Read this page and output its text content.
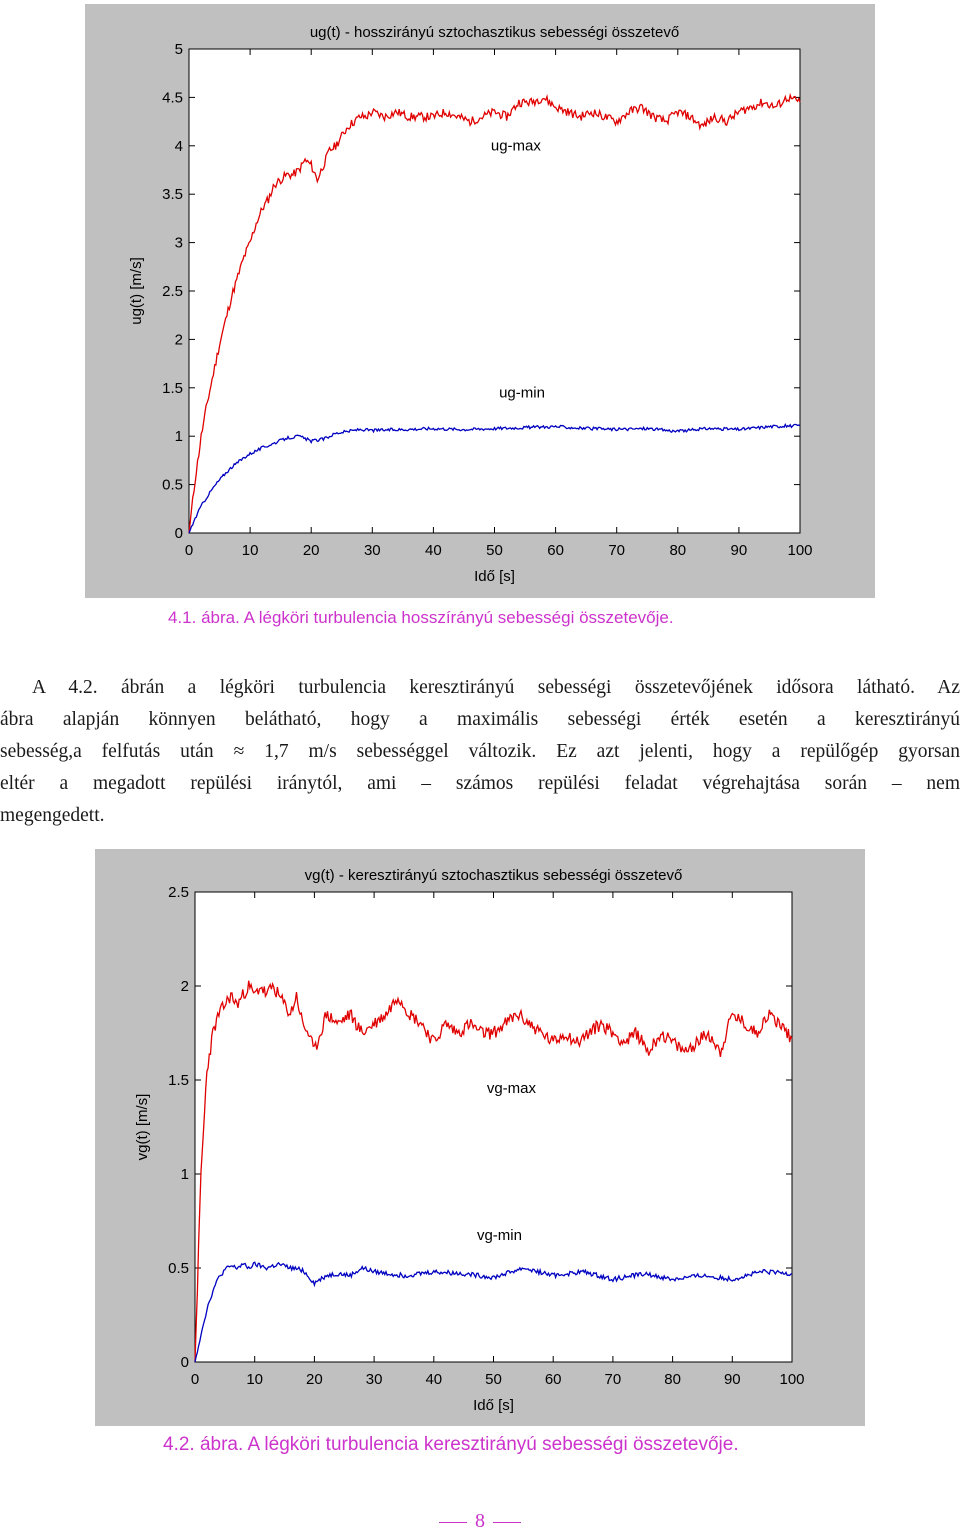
0	10	20	30	40	50	60	70	80	90	100
0
0.5
1
1.5
2
2.5
3
3.5
4
4.5
5
ug(t) - hosszirányú sztochasztikus sebességi összetevő
Idő [s]
ug(t) [m/s]
ug-max
ug-min
4.1. ábra. A légköri turbulencia hosszírányú sebességi összetevője.
A 4.2. ábrán a légköri turbulencia keresztirányú sebességi összetevőjének idősora látható. Az
ábra alapján könnyen belátható, hogy a maximális sebességi érték esetén a keresztirányú
sebesség,a felfutás után ≈ 1,7 m/s sebességgel változik. Ez azt jelenti, hogy a repülőgép gyorsan
eltér a megadott repülési iránytól, ami – számos repülési feladat végrehajtása során – nem
megengedett.
0	10	20	30	40	50	60	70	80	90	100
0
0.5
1
1.5
2
2.5
vg(t) - keresztirányú sztochasztikus sebességi összetevő
Idő [s]
vg(t) [m/s]
vg-max
vg-min
4.2. ábra. A légköri turbulencia keresztirányú sebességi összetevője.
8
